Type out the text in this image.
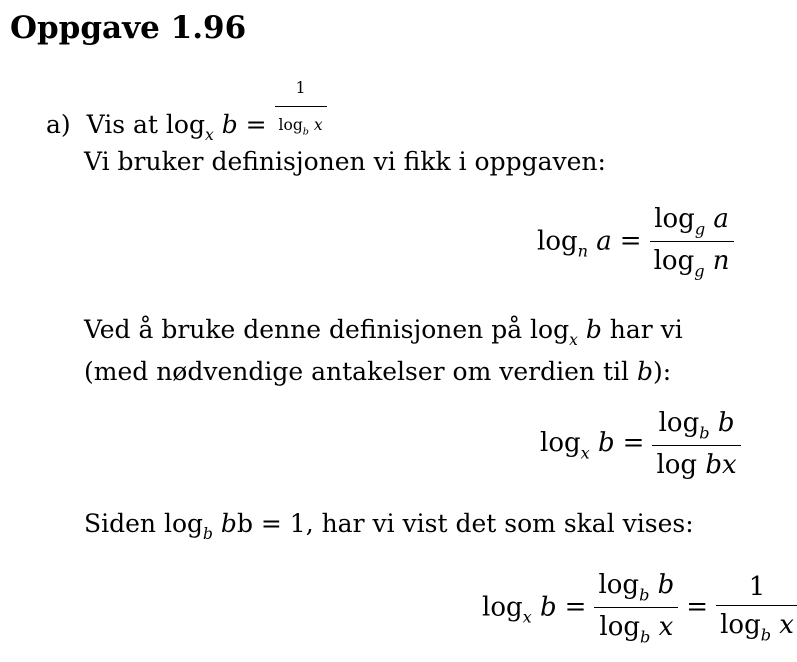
Oppgave 1.96
a) Vis at $\log_x b = \frac{1}{\log_b x}$
Vi bruker definisjonen vi fikk i oppgaven:
$\log_n a = \frac{\log_g a}{\log_g n}$
Ved å bruke denne definisjonen på $\log_x b$ har vi
(med nødvendige antakelser om verdien til b):
$\log_x b = \frac{\log_b b}{\text{log bx}}$
Siden $\log_b$ bb = 1, har vi vist det som skal vises:
$\log_x b = \frac{\log_b b}{\log_b x} = \frac{1}{\log_b x}$
